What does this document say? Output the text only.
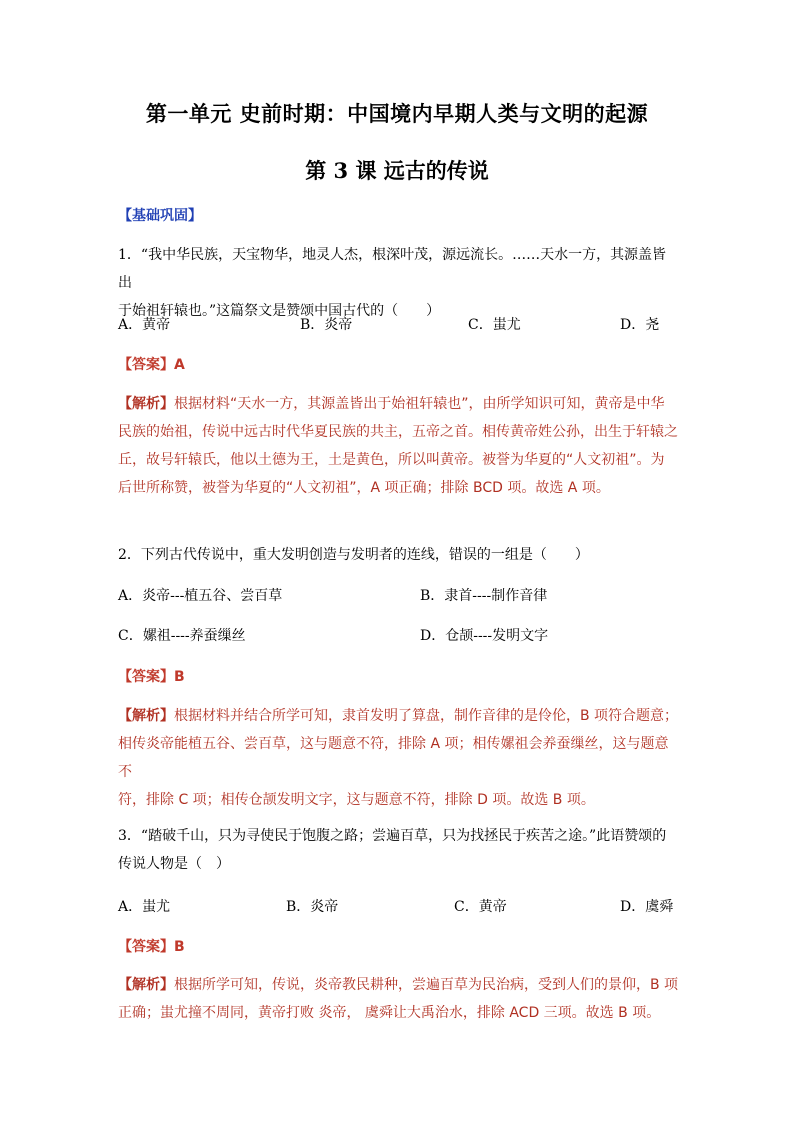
第一单元 史前时期：中国境内早期人类与文明的起源
第 3 课 远古的传说
【基础巩固】
1．“我中华民族，天宝物华，地灵人杰，根深叶茂，源远流长。……天水一方，其源盖皆出
于始祖轩辕也。”这篇祭文是赞颂中国古代的（　　）
A．黄帝	B．炎帝	C．蚩尤	D．尧
【答案】A
【解析】根据材料“天水一方，其源盖皆出于始祖轩辕也”，由所学知识可知，黄帝是中华
民族的始祖，传说中远古时代华夏民族的共主，五帝之首。相传黄帝姓公孙，出生于轩辕之
丘，故号轩辕氏，他以土德为王，土是黄色，所以叫黄帝。被誉为华夏的“人文初祖”。为
后世所称赞，被誉为华夏的“人文初祖”，A 项正确；排除 BCD 项。故选 A 项。
2．下列古代传说中，重大发明创造与发明者的连线，错误的一组是（　　）
A．炎帝---植五谷、尝百草	B．隶首----制作音律
C．嫘祖----养蚕缫丝	D．仓颉----发明文字
【答案】B
【解析】根据材料并结合所学可知，隶首发明了算盘，制作音律的是伶伦，B 项符合题意；
相传炎帝能植五谷、尝百草，这与题意不符，排除 A 项；相传嫘祖会养蚕缫丝，这与题意不
符，排除 C 项；相传仓颉发明文字，这与题意不符，排除 D 项。故选 B 项。
3．“踏破千山，只为寻使民于饱腹之路；尝遍百草，只为找拯民于疾苦之途。”此语赞颂的
传说人物是（　）
A．蚩尤	B．炎帝	C．黄帝	D．虞舜
【答案】B
【解析】根据所学可知，传说，炎帝教民耕种，尝遍百草为民治病，受到人们的景仰，B 项
正确；蚩尤撞不周同，黄帝打败 炎帝， 虞舜让大禹治水，排除 ACD 三项。故选 B 项。
